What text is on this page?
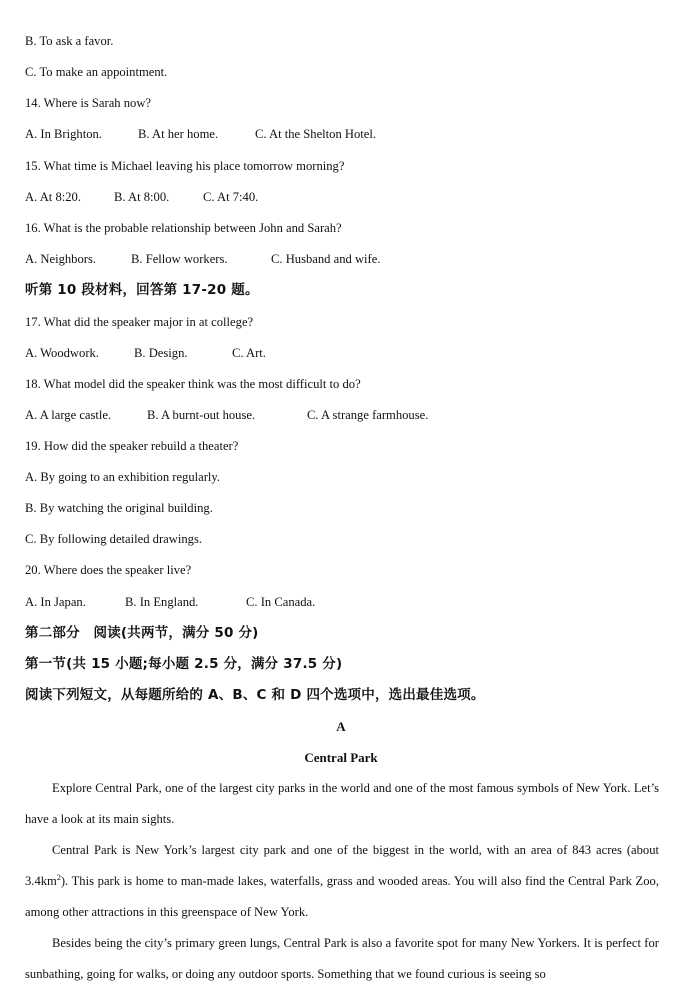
B. To ask a favor.
C. To make an appointment.
14. Where is Sarah now?
A. In Brighton.	B. At her home.	C. At the Shelton Hotel.
15. What time is Michael leaving his place tomorrow morning?
A. At 8:20.	B. At 8:00.	C. At 7:40.
16. What is the probable relationship between John and Sarah?
A. Neighbors.	B. Fellow workers.	C. Husband and wife.
听第 10 段材料，回答第 17-20 题。
17. What did the speaker major in at college?
A. Woodwork.	B. Design.	C. Art.
18. What model did the speaker think was the most difficult to do?
A. A large castle.	B. A burnt-out house.	C. A strange farmhouse.
19. How did the speaker rebuild a theater?
A. By going to an exhibition regularly.
B. By watching the original building.
C. By following detailed drawings.
20. Where does the speaker live?
A. In Japan.	B. In England.	C. In Canada.
第二部分　阅读(共两节，满分 50 分)
第一节(共 15 小题;每小题 2.5 分，满分 37.5 分)
阅读下列短文，从每题所给的 A、B、C 和 D 四个选项中，选出最佳选项。
A
Central Park
Explore Central Park, one of the largest city parks in the world and one of the most famous symbols of New York. Let’s have a look at its main sights.
Central Park is New York’s largest city park and one of the biggest in the world, with an area of 843 acres (about $3.4km^2$). This park is home to man-made lakes, waterfalls, grass and wooded areas. You will also find the Central Park Zoo, among other attractions in this greenspace of New York.
Besides being the city’s primary green lungs, Central Park is also a favorite spot for many New Yorkers. It is perfect for sunbathing, going for walks, or doing any outdoor sports. Something that we found curious is seeing so
